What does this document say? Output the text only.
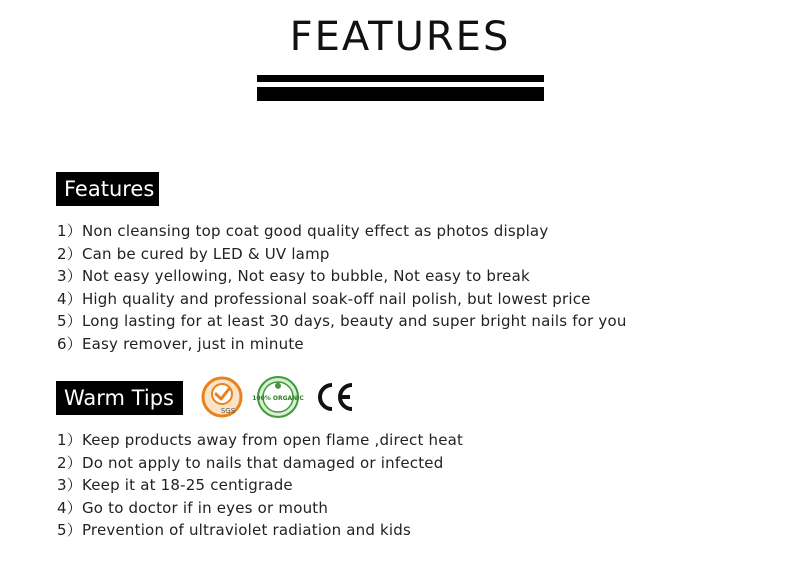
FEATURES
Features
1）Non cleansing top coat good quality effect as photos display
2）Can be cured by LED & UV lamp
3）Not easy yellowing, Not easy to bubble, Not easy to break
4）High quality and professional soak-off nail polish, but lowest price
5）Long lasting for at least 30 days, beauty and super bright nails for you
6）Easy remover, just in minute
Warm Tips
SGS
100% ORGANIC
1）Keep products away from open flame ,direct heat
2）Do not apply to nails that damaged or infected
3）Keep it at 18-25 centigrade
4）Go to doctor if in eyes or mouth
5）Prevention of ultraviolet radiation and kids
